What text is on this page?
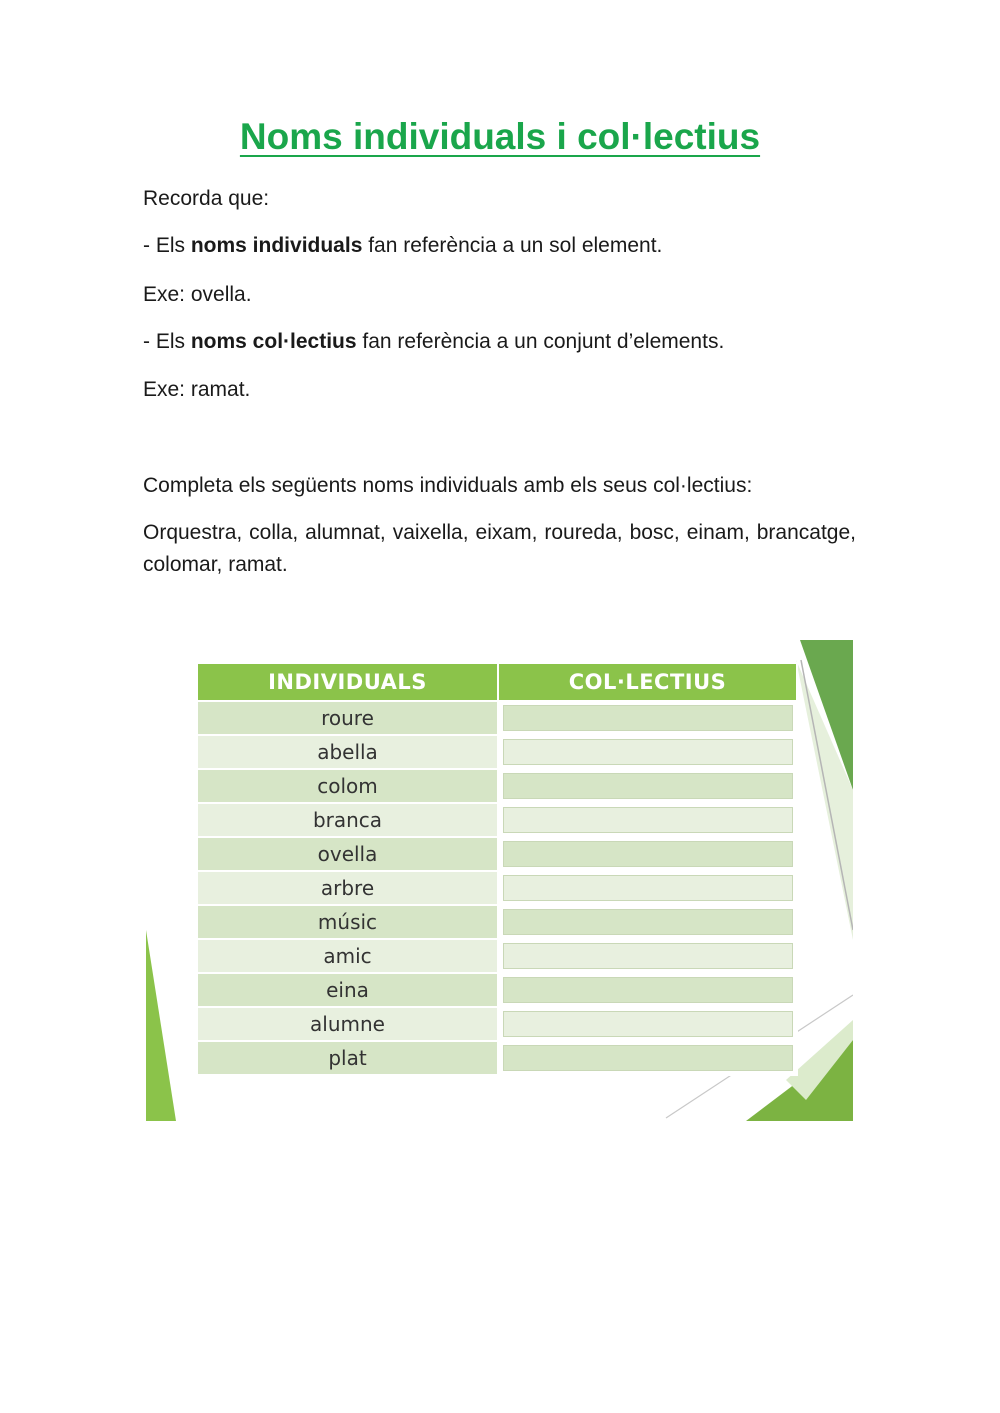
Noms individuals i col·lectius
Recorda que:
- Els noms individuals fan referència a un sol element.
Exe: ovella.
- Els noms col·lectius fan referència a un conjunt d’elements.
Exe: ramat.
Completa els següents noms individuals amb els seus col·lectius:
Orquestra, colla, alumnat, vaixella, eixam, roureda, bosc, einam, brancatge, colomar, ramat.
INDIVIDUALS	COL·LECTIUS
roure	

abella	

colom	

branca	

ovella	

arbre	

músic	

amic	

eina	

alumne	

plat	
